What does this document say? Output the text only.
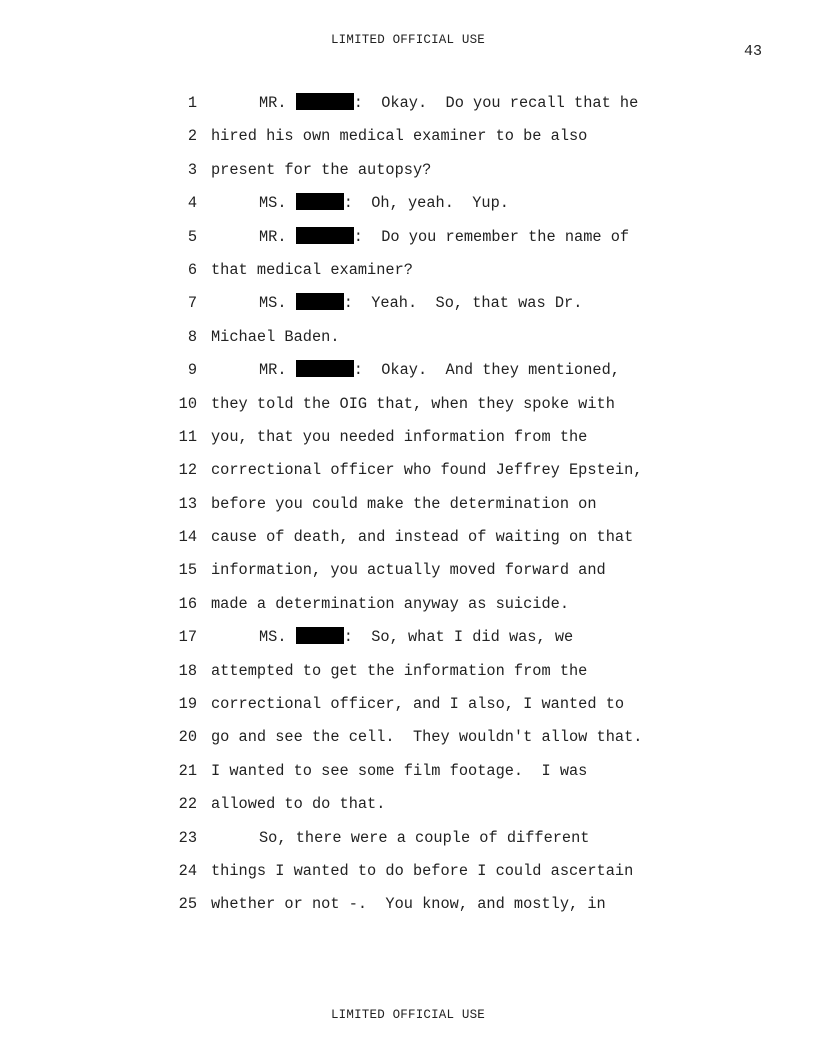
LIMITED OFFICIAL USE
43
1	MR.	:  Okay.  Do you recall that he
2 hired his own medical examiner to be also
3 present for the autopsy?
4	MS.	:  Oh, yeah.  Yup.
5	MR.	:  Do you remember the name of
6 that medical examiner?
7	MS.	:  Yeah.  So, that was Dr.
8 Michael Baden.
9	MR.	:  Okay.  And they mentioned,
10 they told the OIG that, when they spoke with
11 you, that you needed information from the
12 correctional officer who found Jeffrey Epstein,
13 before you could make the determination on
14 cause of death, and instead of waiting on that
15 information, you actually moved forward and
16 made a determination anyway as suicide.
17	MS.	:  So, what I did was, we
18 attempted to get the information from the
19 correctional officer, and I also, I wanted to
20 go and see the cell.  They wouldn't allow that.
21 I wanted to see some film footage.  I was
22 allowed to do that.
23	So, there were a couple of different
24 things I wanted to do before I could ascertain
25 whether or not -.  You know, and mostly, in
LIMITED OFFICIAL USE
